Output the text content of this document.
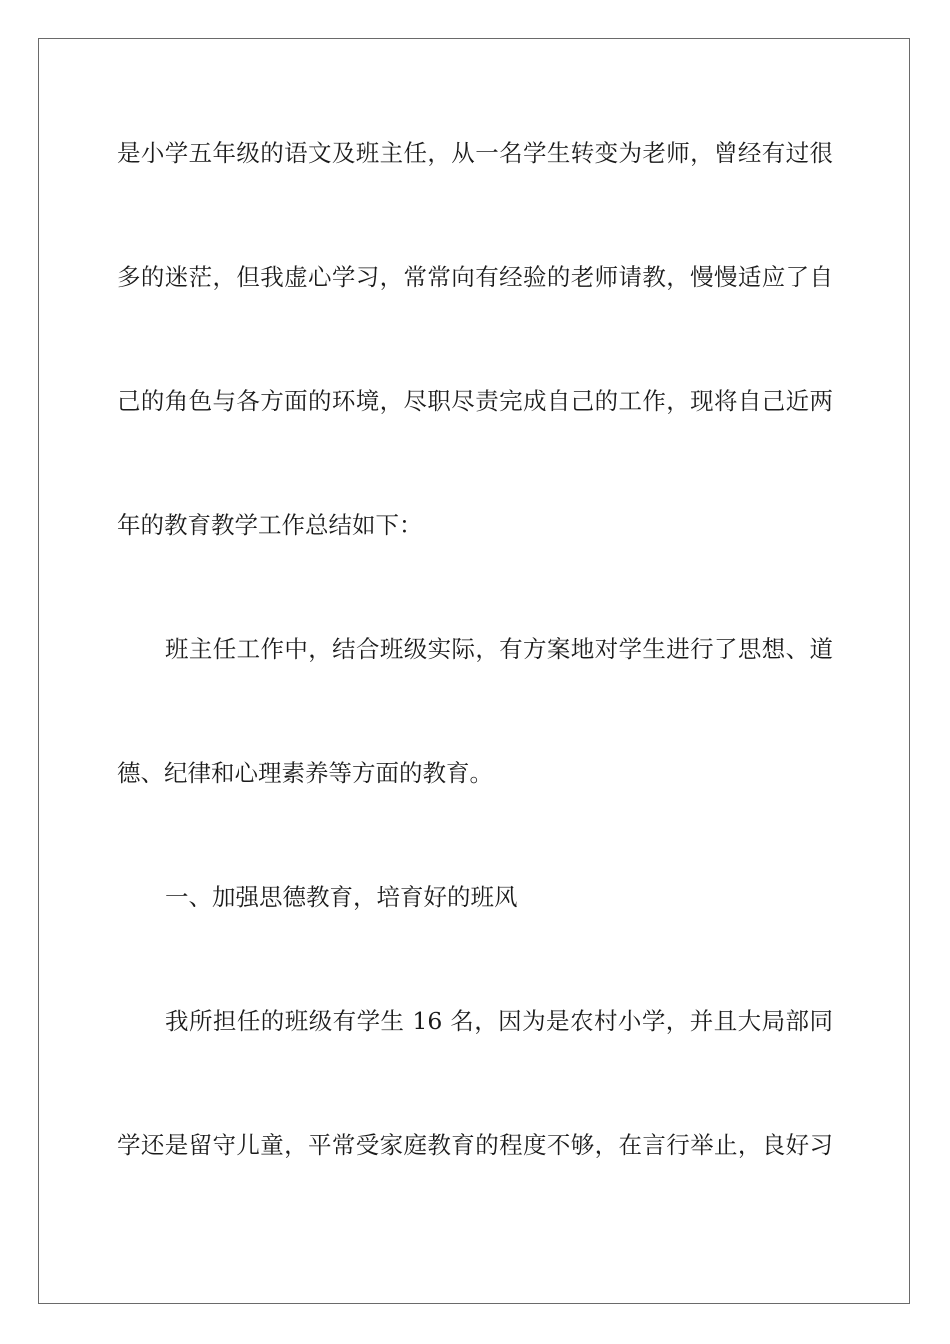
是小学五年级的语文及班主任，从一名学生转变为老师，曾经有过很
多的迷茫，但我虚心学习，常常向有经验的老师请教，慢慢适应了自
己的角色与各方面的环境，尽职尽责完成自己的工作，现将自己近两
年的教育教学工作总结如下：
班主任工作中，结合班级实际，有方案地对学生进行了思想、道
德、纪律和心理素养等方面的教育。
一、加强思德教育，培育好的班风
我所担任的班级有学生 16 名，因为是农村小学，并且大局部同
学还是留守儿童，平常受家庭教育的程度不够，在言行举止，良好习
